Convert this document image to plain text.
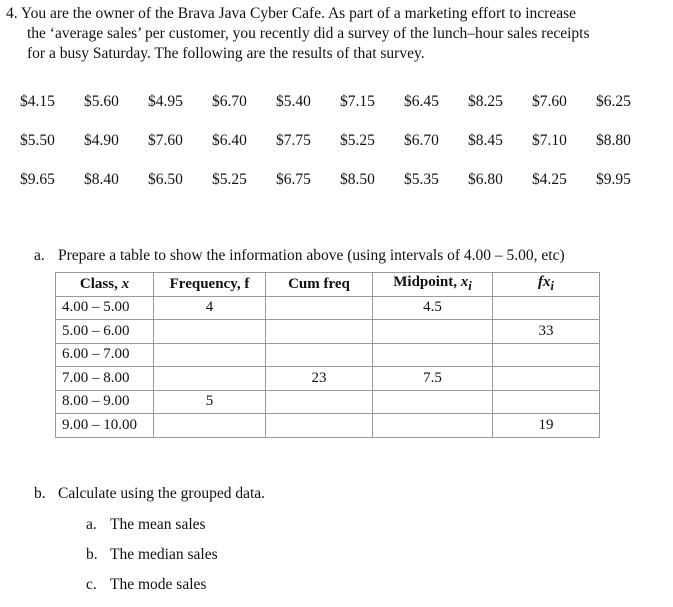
4. You are the owner of the Brava Java Cyber Cafe. As part of a marketing effort to increase
the ‘average sales’ per customer, you recently did a survey of the lunch–hour sales receipts
for a busy Saturday. The following are the results of that survey.
$4.15	$5.60	$4.95	$6.70	$5.40	$7.15	$6.45	$8.25	$7.60	$6.25
$5.50	$4.90	$7.60	$6.40	$7.75	$5.25	$6.70	$8.45	$7.10	$8.80
$9.65	$8.40	$6.50	$5.25	$6.75	$8.50	$5.35	$6.80	$4.25	$9.95
a. Prepare a table to show the information above (using intervals of 4.00 – 5.00, etc)
Class, x	Frequency, f	Cum freq	Midpoint, $x_i$	$fx_i$
4.00 – 5.00	4		4.5	
5.00 – 6.00				33
6.00 – 7.00				
7.00 – 8.00		23	7.5	
8.00 – 9.00	5			
9.00 – 10.00				19
b. Calculate using the grouped data.
a. The mean sales
b. The median sales
c. The mode sales
